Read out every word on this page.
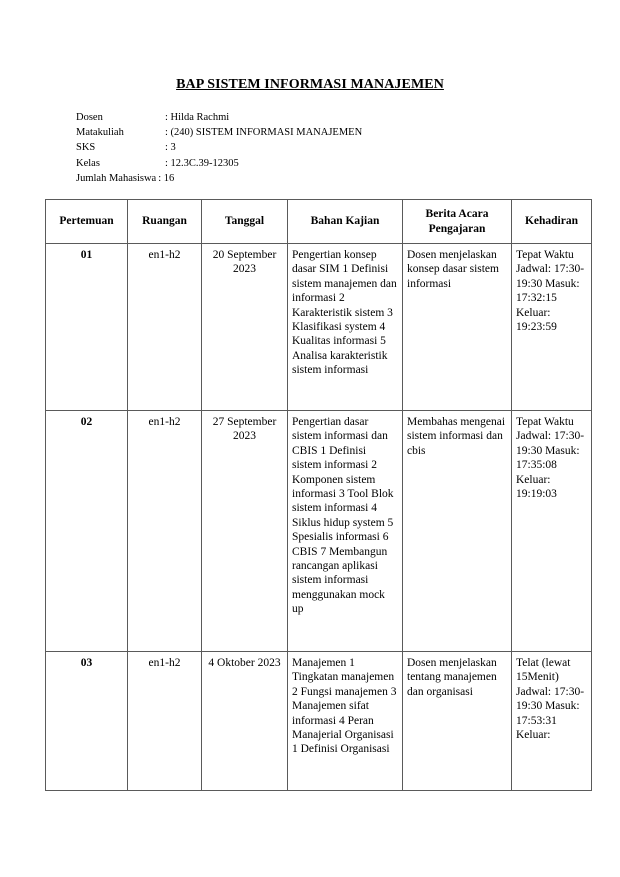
BAP SISTEM INFORMASI MANAJEMEN
Dosen	: Hilda Rachmi
Matakuliah	: (240) SISTEM INFORMASI MANAJEMEN
SKS	: 3
Kelas	: 12.3C.39-12305
Jumlah Mahasiswa : 16
Pertemuan	Ruangan	Tanggal	Bahan Kajian	Berita Acara Pengajaran	Kehadiran
01	en1-h2	20 September 2023	Pengertian konsep dasar SIM 1 Definisi sistem manajemen dan informasi 2 Karakteristik sistem 3 Klasifikasi system 4 Kualitas informasi 5 Analisa karakteristik sistem informasi	Dosen menjelaskan konsep dasar sistem informasi	Tepat Waktu Jadwal: 17:30-19:30 Masuk: 17:32:15 Keluar: 19:23:59
02	en1-h2	27 September 2023	Pengertian dasar sistem informasi dan CBIS 1 Definisi sistem informasi 2 Komponen sistem informasi 3 Tool Blok sistem informasi 4 Siklus hidup system 5 Spesialis informasi 6 CBIS 7 Membangun rancangan aplikasi sistem informasi menggunakan mock up	Membahas mengenai sistem informasi dan cbis	Tepat Waktu Jadwal: 17:30-19:30 Masuk: 17:35:08 Keluar: 19:19:03
03	en1-h2	4 Oktober 2023	Manajemen 1 Tingkatan manajemen 2 Fungsi manajemen 3 Manajemen sifat informasi 4 Peran Manajerial Organisasi 1 Definisi Organisasi	Dosen menjelaskan tentang manajemen dan organisasi	Telat (lewat 15Menit) Jadwal: 17:30-19:30 Masuk: 17:53:31 Keluar:
